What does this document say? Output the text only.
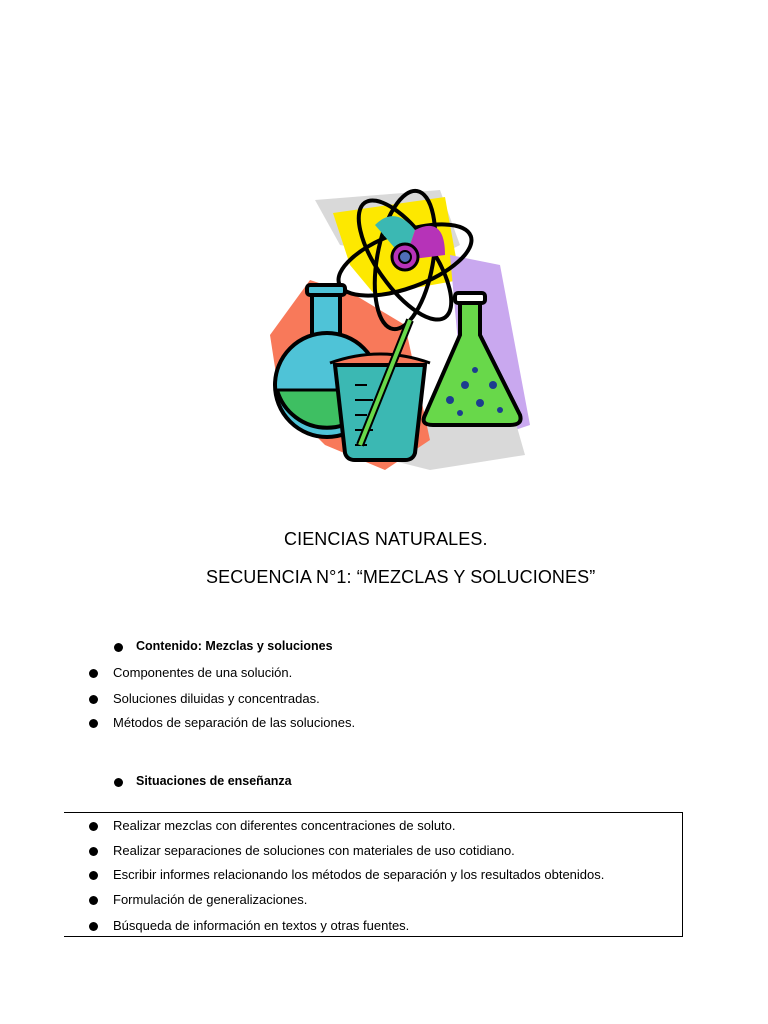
CIENCIAS NATURALES.
SECUENCIA N°1: “MEZCLAS Y SOLUCIONES”
Contenido: Mezclas y soluciones
Componentes de una solución.
Soluciones diluidas y concentradas.
Métodos de separación de las soluciones.
Situaciones de enseñanza
Realizar mezclas con diferentes concentraciones de soluto.
Realizar separaciones de soluciones con materiales de uso cotidiano.
Escribir informes relacionando los métodos de separación y los resultados obtenidos.
Formulación de generalizaciones.
Búsqueda de información en textos y otras fuentes.
